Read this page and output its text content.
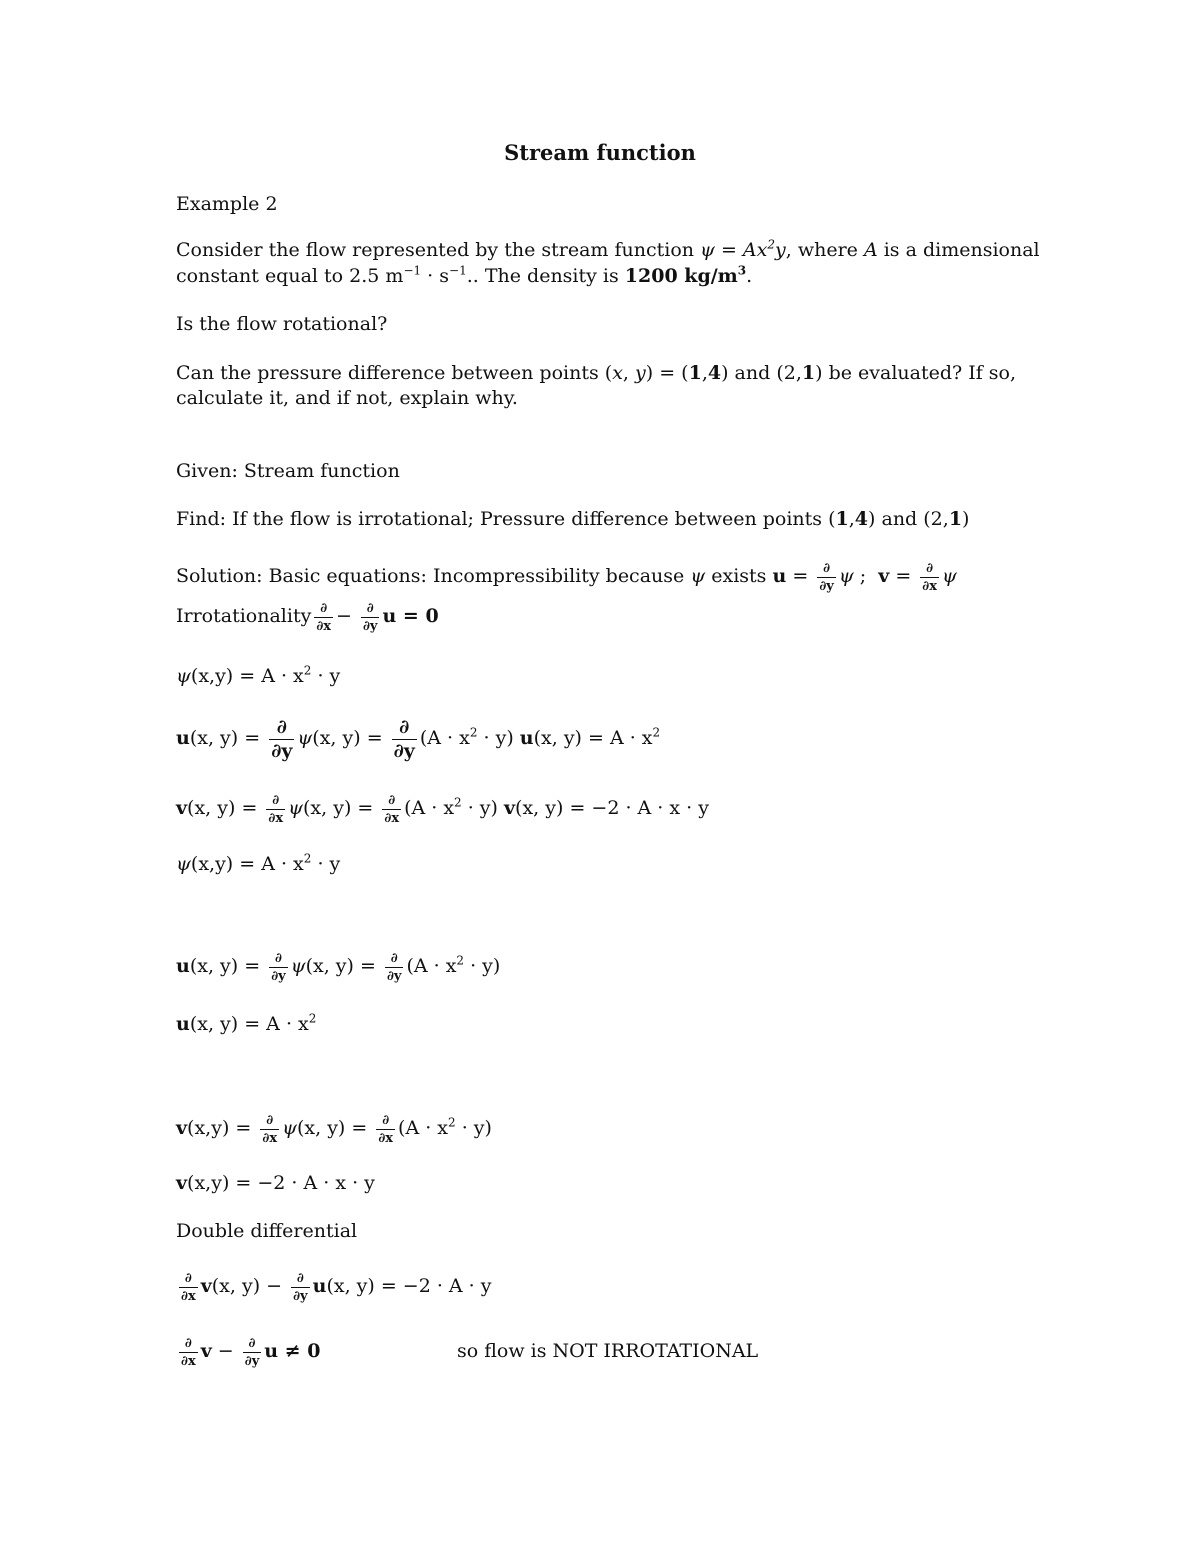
Stream function
Example 2
Consider the flow represented by the stream function $\psi = Ax^2y$, where A is a dimensional
constant equal to 2.5 $m^{-1} \cdot s^{-1}$.. The density is 1200 $kg/m^3$.
Is the flow rotational?
Can the pressure difference between points (x, y) = (1,4) and (2,1) be evaluated? If so,
calculate it, and if not, explain why.
Given: Stream function
Find: If the flow is irrotational; Pressure difference between points (1,4) and (2,1)
Solution: Basic equations: Incompressibility because ψ exists $u = \frac{\partial}{\partial y}$ ψ ;  $v = \frac{\partial}{\partial x}$ ψ
Irrotationality $\frac{\partial}{\partial x} - \frac{\partial}{\partial y}$ u = 0
$\psi(x,y) = A \cdot x^2 \cdot y$
u(x, $y) = \frac{\partial}{\partial y} \psi(x$, $y) = \frac{\partial}{\partial y} (A \cdot x^2 \cdot y)$ u(x, $y) = A \cdot x^2$
v(x, $y) = \frac{\partial}{\partial x} \psi(x$, $y) = \frac{\partial}{\partial x} (A \cdot x^2 \cdot y)$ v(x, y) = −2 · A · x · y
$\psi(x,y) = A \cdot x^2 \cdot y$
u(x, $y) = \frac{\partial}{\partial y} \psi(x$, $y) = \frac{\partial}{\partial y} (A \cdot x^2 \cdot y)$
u(x, $y) = A \cdot x^2$
$v(x,y) = \frac{\partial}{\partial x} \psi(x$, $y) = \frac{\partial}{\partial x} (A \cdot x^2 \cdot y)$
v(x,y) = −2 · A · x · y
Double differential
$\frac{\partial}{\partial x} v(x$, $y) - \frac{\partial}{\partial y} u(x$, y) = −2 · A · y
$\frac{\partial}{\partial x}$ $v - \frac{\partial}{\partial y}$ u ≠ 0	so flow is NOT IRROTATIONAL
